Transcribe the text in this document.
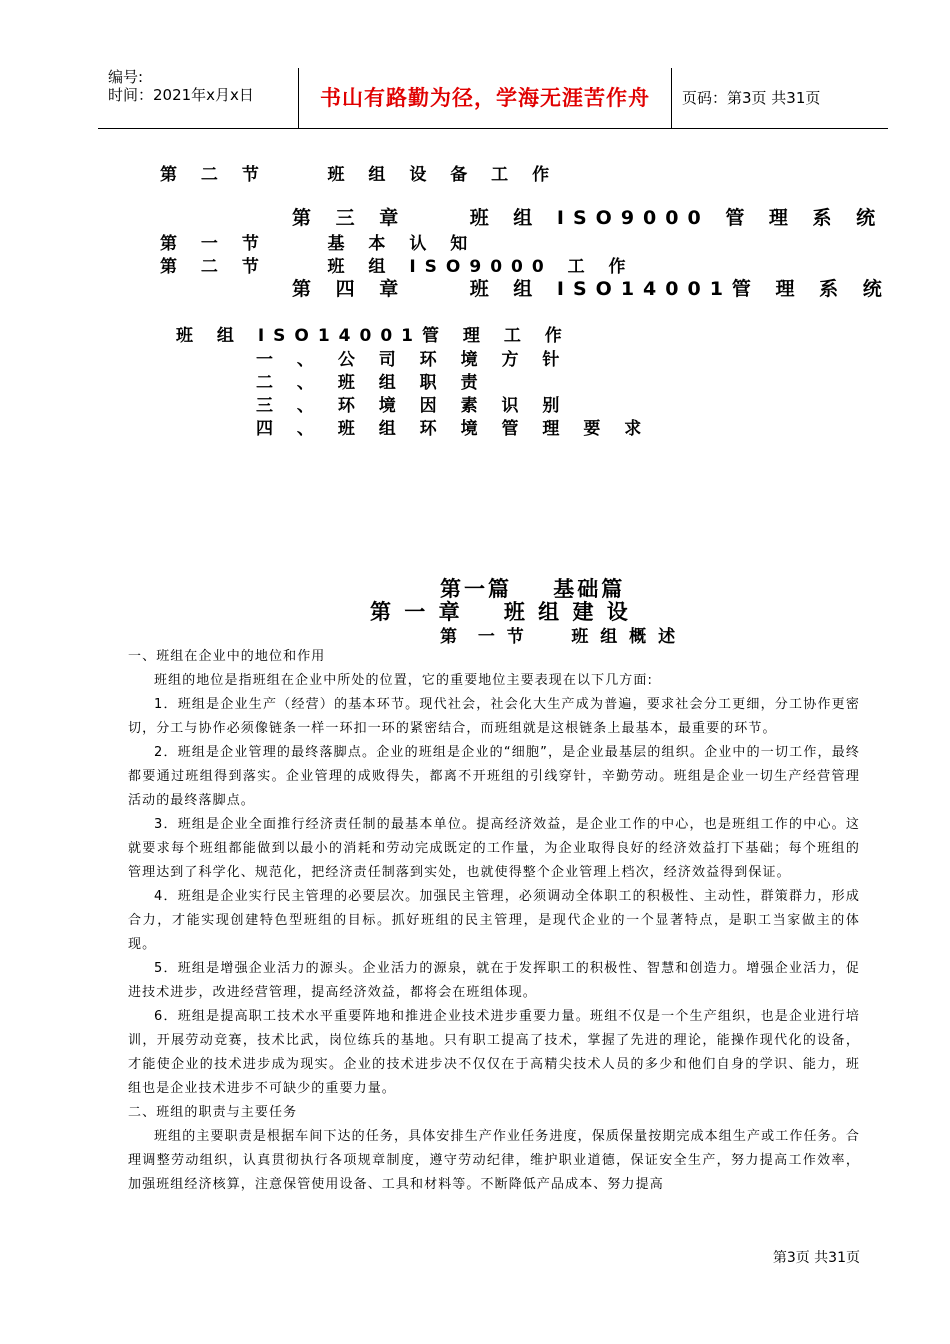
编号:
时间：2021年x月x日	书山有路勤为径，学海无涯苦作舟	页码：第3页 共31页
第 二 节    班 组 设 备 工 作
第 三 章    班 组 ISO9000 管 理 系 统
第 一 节    基 本 认 知
第 二 节    班 组 ISO9000 工 作
第 四 章    班 组 ISO14001管 理 系 统
班 组 ISO14001管 理 工 作
一 、 公 司 环 境 方 针
二 、 班 组 职 责
三 、 环 境 因 素 识 别
四 、 班 组 环 境 管 理 要 求
第一篇    基础篇
第 一 章    班 组 建 设
第  一 节     班 组 概 述

一、班组在企业中的地位和作用

班组的地位是指班组在企业中所处的位置，它的重要地位主要表现在以下几方面:

1．班组是企业生产（经营）的基本环节。现代社会，社会化大生产成为普遍，要求社会分工更细，分工协作更密切，分工与协作必须像链条一样一环扣一环的紧密结合，而班组就是这根链条上最基本，最重要的环节。

2．班组是企业管理的最终落脚点。企业的班组是企业的“细胞”，是企业最基层的组织。企业中的一切工作，最终都要通过班组得到落实。企业管理的成败得失，都离不开班组的引线穿针，辛勤劳动。班组是企业一切生产经营管理活动的最终落脚点。

3．班组是企业全面推行经济责任制的最基本单位。提高经济效益，是企业工作的中心，也是班组工作的中心。这就要求每个班组都能做到以最小的消耗和劳动完成既定的工作量，为企业取得良好的经济效益打下基础；每个班组的管理达到了科学化、规范化，把经济责任制落到实处，也就使得整个企业管理上档次，经济效益得到保证。

4．班组是企业实行民主管理的必要层次。加强民主管理，必须调动全体职工的积极性、主动性，群策群力，形成合力，才能实现创建特色型班组的目标。抓好班组的民主管理，是现代企业的一个显著特点，是职工当家做主的体现。

5．班组是增强企业活力的源头。企业活力的源泉，就在于发挥职工的积极性、智慧和创造力。增强企业活力，促进技术进步，改进经营管理，提高经济效益，都将会在班组体现。

6．班组是提高职工技术水平重要阵地和推进企业技术进步重要力量。班组不仅是一个生产组织，也是企业进行培训，开展劳动竞赛，技术比武，岗位练兵的基地。只有职工提高了技术，掌握了先进的理论，能操作现代化的设备，才能使企业的技术进步成为现实。企业的技术进步决不仅仅在于高精尖技术人员的多少和他们自身的学识、能力，班组也是企业技术进步不可缺少的重要力量。

二、班组的职责与主要任务

班组的主要职责是根据车间下达的任务，具体安排生产作业任务进度，保质保量按期完成本组生产或工作任务。合理调整劳动组织，认真贯彻执行各项规章制度，遵守劳动纪律，维护职业道德，保证安全生产，努力提高工作效率，加强班组经济核算，注意保管使用设备、工具和材料等。不断降低产品成本、努力提高

第3页 共31页
